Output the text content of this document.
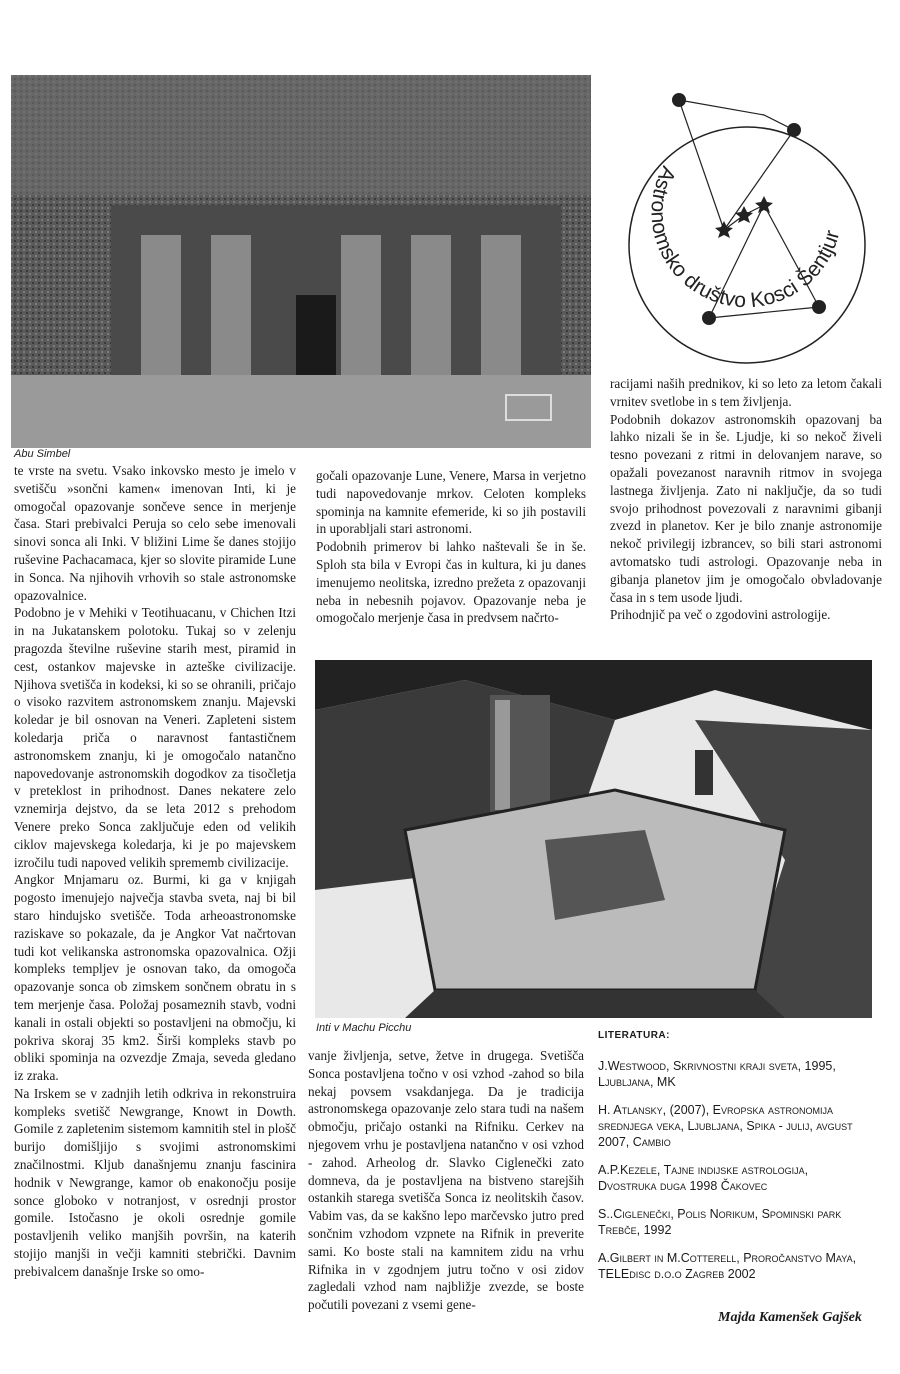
Abu Simbel
Astronomsko društvo Kosci Šentjur

te vrste na svetu. Vsako inkovsko mesto je imelo v svetišču »sončni kamen« imenovan Inti, ki je omogočal opazovanje sončeve sence in merjenje časa. Stari prebivalci Peruja so celo sebe imenovali sinovi sonca ali Inki. V bližini Lime še danes stojijo ruševine Pachacamaca, kjer so slovite piramide Lune in Sonca. Na njihovih vrhovih so stale astronomske opazovalnice.

Podobno je v Mehiki v Teotihuacanu, v Chichen Itzi in na Jukatanskem polotoku. Tukaj so v zelenju pragozda številne ruševine starih mest, piramid in cest, ostankov majevske in azteške civilizacije. Njihova svetišča in kodeksi, ki so se ohranili, pričajo o visoko razvitem astronomskem znanju. Majevski koledar je bil osnovan na Veneri. Zapleteni sistem koledarja priča o naravnost fantastičnem astronomskem znanju, ki je omogočalo natančno napovedovanje astronomskih dogodkov za tisočletja v preteklost in prihodnost. Danes nekatere zelo vznemirja dejstvo, da se leta 2012 s prehodom Venere preko Sonca zaključuje eden od velikih ciklov majevskega koledarja, ki je po majevskem izročilu tudi napoved velikih sprememb civilizacije.

Angkor Mnjamaru oz. Burmi, ki ga v knjigah pogosto imenujejo največja stavba sveta, naj bi bil staro hindujsko svetišče. Toda arheoastronomske raziskave so pokazale, da je Angkor Vat načrtovan tudi kot velikanska astronomska opazovalnica. Ožji kompleks templjev je osnovan tako, da omogoča opazovanje sonca ob zimskem sončnem obratu in s tem merjenje časa. Položaj posameznih stavb, vodni kanali in ostali objekti so postavljeni na območju, ki pokriva skoraj 35 km2. Širši kompleks stavb po obliki spominja na ozvezdje Zmaja, seveda gledano iz zraka.

Na Irskem se v zadnjih letih odkriva in rekonstruira kompleks svetišč Newgrange, Knowt in Dowth. Gomile z zapletenim sistemom kamnitih stel in plošč burijo domišljijo s svojimi astronomskimi značilnostmi. Kljub današnjemu znanju fascinira hodnik v Newgrange, kamor ob enakonočju posije sonce globoko v notranjost, v osrednji prostor gomile. Istočasno je okoli osrednje gomile postavljenih veliko manjših površin, na katerih stojijo manjši in večji kamniti stebrički. Davnim prebivalcem današnje Irske so omo-

gočali opazovanje Lune, Venere, Marsa in verjetno tudi napovedovanje mrkov. Celoten kompleks spominja na kamnite efemeride, ki so jih postavili in uporabljali stari astronomi.

Podobnih primerov bi lahko naštevali še in še. Sploh sta bila v Evropi čas in kultura, ki ju danes imenujemo neolitska, izredno prežeta z opazovanji neba in nebesnih pojavov. Opazovanje neba je omogočalo merjenje časa in predvsem načrto-

racijami naših prednikov, ki so leto za letom čakali vrnitev svetlobe in s tem življenja.

Podobnih dokazov astronomskih opazovanj ba lahko nizali še in še. Ljudje, ki so nekoč živeli tesno povezani z ritmi in delovanjem narave, so opažali povezanost naravnih ritmov in svojega lastnega življenja. Zato ni naključje, da so tudi svojo prihodnost povezovali z naravnimi gibanji zvezd in planetov. Ker je bilo znanje astronomije nekoč privilegij izbrancev, so bili stari astronomi avtomatsko tudi astrologi. Opazovanje neba in gibanja planetov jim je omogočalo obvladovanje časa in s tem usode ljudi.

Prihodnjič pa več o zgodovini astrologije.

Inti v Machu Picchu

vanje življenja, setve, žetve in drugega. Svetišča Sonca postavljena točno v osi vzhod -zahod so bila nekaj povsem vsakdanjega. Da je tradicija astronomskega opazovanje zelo stara tudi na našem območju, pričajo ostanki na Rifniku. Cerkev na njegovem vrhu je postavljena natančno v osi vzhod - zahod. Arheolog dr. Slavko Ciglenečki zato domneva, da je postavljena na bistveno starejših ostankih starega svetišča Sonca iz neolitskih časov. Vabim vas, da se kakšno lepo marčevsko jutro pred sončnim vzhodom vzpnete na Rifnik in preverite sami. Ko boste stali na kamnitem zidu na vrhu Rifnika in v zgodnjem jutru točno v osi zidov zagledali vzhod nam najbližje zvezde, se boste počutili povezani z vsemi gene-

LITERATURA:

J.Westwood, Skrivnostni kraji sveta, 1995, Ljubljana, MK

H. Atlansky, (2007), Evropska astronomija srednjega veka, Ljubljana, Spika - julij, avgust 2007, Cambio

A.P.Kezele, Tajne indijske astrologija, Dvostruka duga 1998 Čakovec

S..Ciglenečki, Polis Norikum, Spominski park Trebče, 1992

A.Gilbert in M.Cotterell, Proročanstvo Maya, TELEdisc d.o.o Zagreb 2002

Majda Kamenšek Gajšek
